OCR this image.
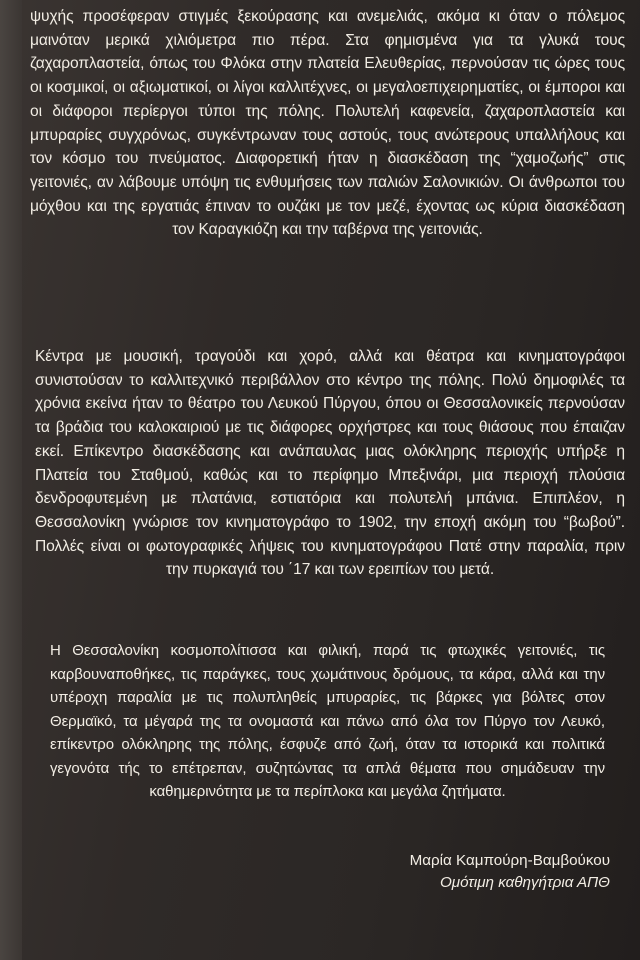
ψυχής προσέφεραν στιγμές ξεκούρασης και ανεμελιάς, ακόμα κι όταν ο πόλεμος μαινόταν μερικά χιλιόμετρα πιο πέρα. Στα φημισμένα για τα γλυκά τους ζαχαροπλαστεία, όπως του Φλόκα στην πλατεία Ελευθερίας, περνούσαν τις ώρες τους οι κοσμικοί, οι αξιωματικοί, οι λίγοι καλλιτέχνες, οι μεγαλοεπιχειρηματίες, οι έμποροι και οι διάφοροι περίεργοι τύποι της πόλης. Πολυτελή καφενεία, ζαχαροπλαστεία και μπυραρίες συγχρόνως, συγκέντρωναν τους αστούς, τους ανώτερους υπαλλήλους και τον κόσμο του πνεύματος. Διαφορετική ήταν η διασκέδαση της “χαμοζωής” στις γειτονιές, αν λάβουμε υπόψη τις ενθυμήσεις των παλιών Σαλονικιών. Οι άνθρωποι του μόχθου και της εργατιάς έπιναν το ουζάκι με τον μεζέ, έχοντας ως κύρια διασκέδαση τον Καραγκιόζη και την ταβέρνα της γειτονιάς.

Κέντρα με μουσική, τραγούδι και χορό, αλλά και θέατρα και κινηματογράφοι συνιστούσαν το καλλιτεχνικό περιβάλλον στο κέντρο της πόλης. Πολύ δημοφιλές τα χρόνια εκείνα ήταν το θέατρο του Λευκού Πύργου, όπου οι Θεσσαλονικείς περνούσαν τα βράδια του καλοκαιριού με τις διάφορες ορχήστρες και τους θιάσους που έπαιζαν εκεί. Επίκεντρο διασκέδασης και ανάπαυλας μιας ολόκληρης περιοχής υπήρξε η Πλατεία του Σταθμού, καθώς και το περίφημο Μπεξινάρι, μια περιοχή πλούσια δενδροφυτεμένη με πλατάνια, εστιατόρια και πολυτελή μπάνια. Επιπλέον, η Θεσσαλονίκη γνώρισε τον κινηματογράφο το 1902, την εποχή ακόμη του “βωβού”. Πολλές είναι οι φωτογραφικές λήψεις του κινηματογράφου Πατέ στην παραλία, πριν την πυρκαγιά του ΄17 και των ερειπίων του μετά.

Η Θεσσαλονίκη κοσμοπολίτισσα και φιλική, παρά τις φτωχικές γειτονιές, τις καρβουναποθήκες, τις παράγκες, τους χωμάτινους δρόμους, τα κάρα, αλλά και την υπέροχη παραλία με τις πολυπληθείς μπυραρίες, τις βάρκες για βόλτες στον Θερμαϊκό, τα μέγαρά της τα ονομαστά και πάνω από όλα τον Πύργο τον Λευκό, επίκεντρο ολόκληρης της πόλης, έσφυζε από ζωή, όταν τα ιστορικά και πολιτικά γεγονότα τής το επέτρεπαν, συζητώντας τα απλά θέματα που σημάδευαν την καθημερινότητα με τα περίπλοκα και μεγάλα ζητήματα.

Μαρία Καμπούρη-Βαμβούκου
Ομότιμη καθηγήτρια ΑΠΘ
